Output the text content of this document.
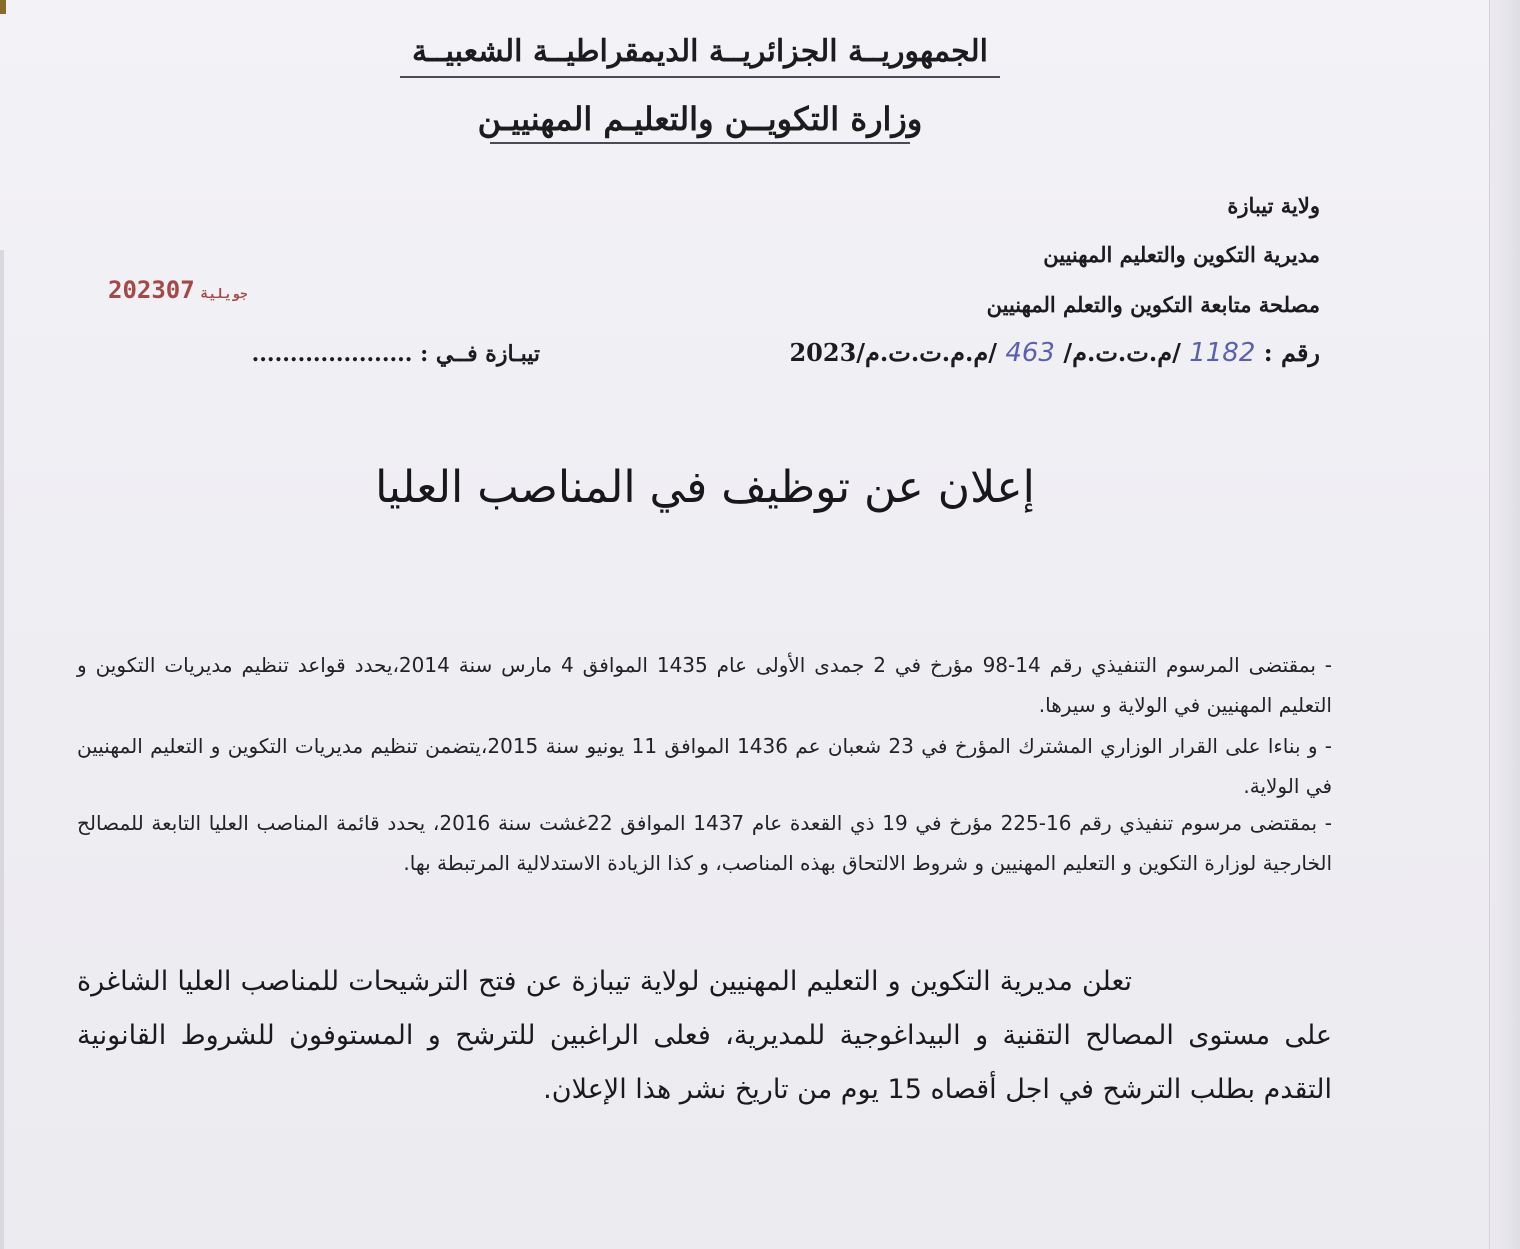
الجمهوريــة الجزائريــة الديمقراطيــة الشعبيــة
وزارة التكويــن والتعليـم المهنييـن
ولاية تيبازة
مديرية التكوين والتعليم المهنيين
مصلحة متابعة التكوين والتعلم المهنيين
رقم : 1182 /م.ت.ت.م/ 463 /م.م.ت.ت.م/2023
تيبـازة فــي : .....................
2023	جويلية07
إعلان عن توظيف في المناصب العليا

- بمقتضى المرسوم التنفيذي رقم 14-98 مؤرخ في 2 جمدى الأولى عام 1435 الموافق 4 مارس سنة 2014،يحدد قواعد تنظيم مديريات التكوين و التعليم المهنيين في الولاية و سيرها.

- و بناءا على القرار الوزاري المشترك المؤرخ في 23 شعبان عم 1436 الموافق 11 يونيو سنة 2015،يتضمن تنظيم مديريات التكوين و التعليم المهنيين في الولاية.

- بمقتضى مرسوم تنفيذي رقم 16-225 مؤرخ في 19 ذي القعدة عام 1437 الموافق 22غشت سنة 2016، يحدد قائمة المناصب العليا التابعة للمصالح الخارجية لوزارة التكوين و التعليم المهنيين و شروط الالتحاق بهذه المناصب، و كذا الزيادة الاستدلالية المرتبطة بها.

تعلن مديرية التكوين و التعليم المهنيين لولاية تيبازة عن فتح الترشيحات للمناصب العليا الشاغرة على مستوى المصالح التقنية و البيداغوجية للمديرية، فعلى الراغبين للترشح و المستوفون للشروط القانونية التقدم بطلب الترشح في اجل أقصاه 15 يوم من تاريخ نشر هذا الإعلان.
